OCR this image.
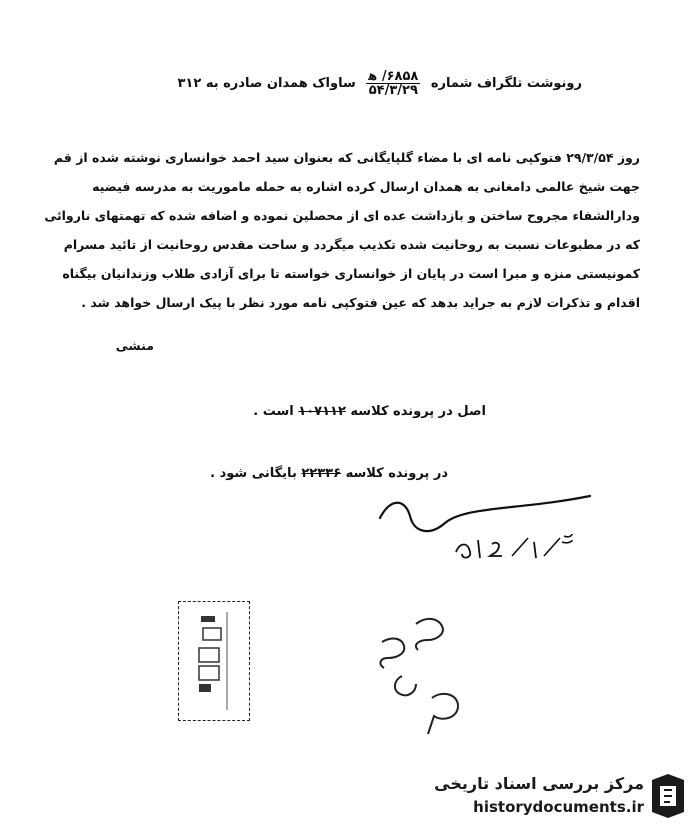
رونوشت تلگراف شماره
$\frac{\text{۶۸۵۸/ ﻫ}}{۵۴/۳/۲۹}$
ساواک همدان صادره به ۳۱۲
روز ۲۹/۳/۵۴ فتوکپی نامه ای با مضاء گلپایگانی که بعنوان سید احمد خوانساری نوشته شده از قم
جهت شیخ عالمی دامغانی به همدان ارسال کرده اشاره به حمله ماموریت به مدرسه فیضیه
ودارالشفاء مجروح ساختن و بازداشت عده ای از محصلین نموده و اضافه شده که تهمتهای ناروائی
که در مطبوعات نسبت به روحانیت شده تکذیب میگردد و ساحت مقدس روحانیت از تائید مسرام
کمونیستی منزه و مبرا است در پایان از خوانساری خواسته تا برای آزادی طلاب وزندانیان بیگناه
اقدام و تذکرات لازم به جراید بدهد که عین فتوکپی نامه مورد نظر با پیک ارسال خواهد شد .
منشی
اصل در پرونده کلاسه ۱۰۷۱۱۲ است .
در پرونده کلاسه ۲۲۳۳۶ بایگانی شود .
مرکز بررسی اسناد تاریخی
historydocuments.ir
